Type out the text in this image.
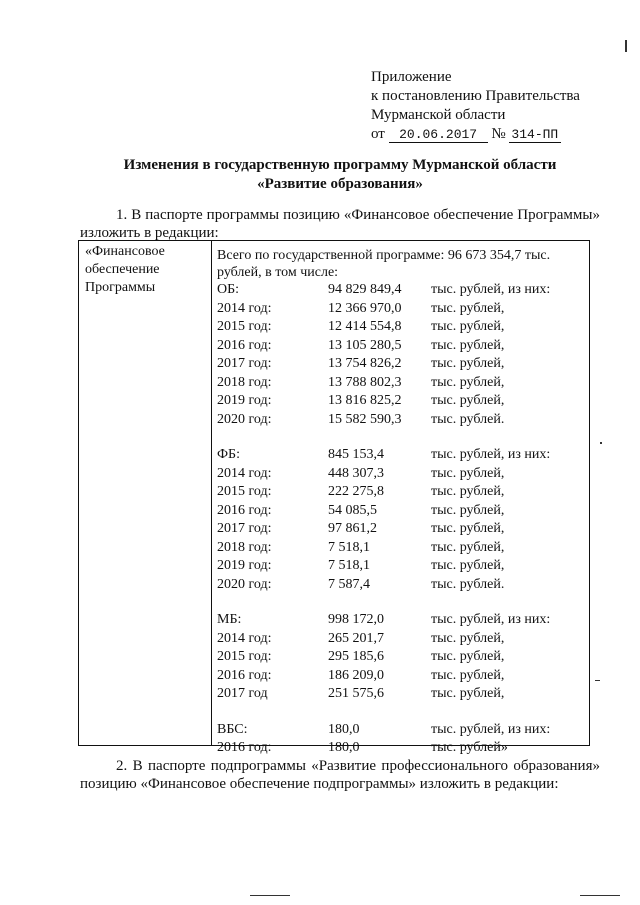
Приложение
к постановлению Правительства
Мурманской области
от 20.06.2017 № 314-ПП
Изменения в государственную программу Мурманской области
«Развитие образования»
1. В паспорте программы позицию «Финансовое обеспечение Программы» изложить в редакции:
«Финансовое
обеспечение
Программы
Всего по государственной программе: 96 673 354,7 тыс. рублей, в том числе:
ОБ:	94 829 849,4 тыс. рублей, из них:
2014 год:	12 366 970,0 тыс. рублей,
2015 год:	12 414 554,8 тыс. рублей,
2016 год:	13 105 280,5 тыс. рублей,
2017 год:	13 754 826,2 тыс. рублей,
2018 год:	13 788 802,3 тыс. рублей,
2019 год:	13 816 825,2 тыс. рублей,
2020 год:	15 582 590,3 тыс. рублей.
ФБ:	845 153,4	тыс. рублей, из них:
2014 год:	448 307,3	тыс. рублей,
2015 год:	222 275,8	тыс. рублей,
2016 год:	54 085,5	тыс. рублей,
2017 год:	97 861,2	тыс. рублей,
2018 год:	7 518,1	тыс. рублей,
2019 год:	7 518,1	тыс. рублей,
2020 год:	7 587,4	тыс. рублей.
МБ:	998 172,0	тыс. рублей, из них:
2014 год:	265 201,7	тыс. рублей,
2015 год:	295 185,6	тыс. рублей,
2016 год:	186 209,0	тыс. рублей,
2017 год	251 575,6	тыс. рублей,
ВБС:	180,0	тыс. рублей, из них:
2016 год:	180,0	тыс. рублей»
2. В паспорте подпрограммы «Развитие профессионального образования» позицию «Финансовое обеспечение подпрограммы» изложить в редакции:
